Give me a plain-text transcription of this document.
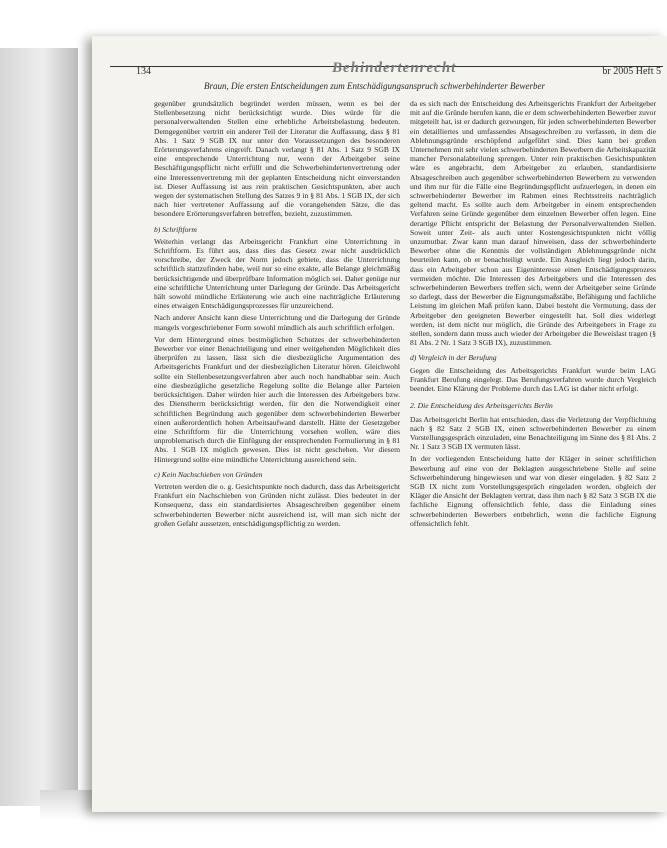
134	Behindertenrecht	br 2005 Heft 5
Braun, Die ersten Entscheidungen zum Entschädigungsanspruch schwerbehinderter Bewerber

gegenüber grundsätzlich begründet werden müssen, wenn es bei der Stellenbesetzung nicht berücksichtigt wurde. Dies würde für die personalverwaltenden Stellen eine erhebliche Arbeitsbelastung bedeuten. Demgegenüber vertritt ein anderer Teil der Literatur die Auffassung, dass § 81 Abs. 1 Satz 9 SGB IX nur unter den Voraussetzungen des besonderen Erörterungsverfahrens eingreift. Danach verlangt § 81 Abs. 1 Satz 9 SGB IX eine entsprechende Unterrichtung nur, wenn der Arbeitgeber seine Beschäftigungspflicht nicht erfüllt und die Schwerbehindertenvertretung oder eine Interessenvertretung mit der geplanten Entscheidung nicht einverstanden ist. Dieser Auffassung ist aus rein praktischen Gesichtspunkten, aber auch wegen der systematischen Stellung des Satzes 9 in § 81 Abs. 1 SGB IX, der sich nach hier vertretener Auffassung auf die vorangehenden Sätze, die das besondere Erörterungsverfahren betreffen, bezieht, zuzustimmen.

b) Schriftform

Weiterhin verlangt das Arbeitsgericht Frankfurt eine Unterrichtung in Schriftform. Es führt aus, dass dies das Gesetz zwar nicht ausdrücklich vorschreibe, der Zweck der Norm jedoch gebiete, dass die Unterrichtung schriftlich stattzufinden habe, weil nur so eine exakte, alle Belange gleichmäßig berücksichtigende und überprüfbare Information möglich sei. Daher genüge nur eine schriftliche Unterrichtung unter Darlegung der Gründe. Das Arbeitsgericht hält sowohl mündliche Erläuterung wie auch eine nachträgliche Erläuterung eines etwaigen Entschädigungsprozesses für unzureichend.

Nach anderer Ansicht kann diese Unterrichtung und die Darlegung der Gründe mangels vorgeschriebener Form sowohl mündlich als auch schriftlich erfolgen.

Vor dem Hintergrund eines bestmöglichen Schutzes der schwerbehinderten Bewerber vor einer Benachteiligung und einer weitgehenden Möglichkeit dies überprüfen zu lassen, lässt sich die diesbezügliche Argumentation des Arbeitsgerichts Frankfurt und der diesbezüglichen Literatur hören. Gleichwohl sollte ein Stellenbesetzungsverfahren aber auch noch handhabbar sein. Auch eine diesbezügliche gesetzliche Regelung sollte die Belange aller Parteien berücksichtigen. Daher würden hier auch die Interessen des Arbeitgebers bzw. des Dienstherrn berücksichtigt werden, für den die Notwendigkeit einer schriftlichen Begründung auch gegenüber dem schwerbehinderten Bewerber einen außerordentlich hohen Arbeitsaufwand darstellt. Hätte der Gesetzgeber eine Schriftform für die Unterrichtung vorsehen wollen, wäre dies unproblematisch durch die Einfügung der entsprechenden Formulierung in § 81 Abs. 1 SGB IX möglich gewesen. Dies ist nicht geschehen. Vor diesem Hintergrund sollte eine mündliche Unterrichtung ausreichend sein.

c) Kein Nachschieben von Gründen

Vertreten werden die o. g. Gesichtspunkte noch dadurch, dass das Arbeitsgericht Frankfurt ein Nachschieben von Gründen nicht zulässt. Dies bedeutet in der Konsequenz, dass ein standardisiertes Absageschreiben gegenüber einem schwerbehinderten Bewerber nicht ausreichend ist, will man sich nicht der großen Gefahr aussetzen, entschädigungspflichtig zu werden.

da es sich nach der Entscheidung des Arbeitsgerichts Frankfurt der Arbeitgeber mit auf die Gründe berufen kann, die er dem schwerbehinderten Bewerber zuvor mitgeteilt hat, ist er dadurch gezwungen, für jeden schwerbehinderten Bewerber ein detailliertes und umfassendes Absageschreiben zu verfassen, in dem die Ablehnungsgründe erschöpfend aufgeführt sind. Dies kann bei großen Unternehmen mit sehr vielen schwerbehinderten Bewerbern die Arbeitskapazität mancher Personalabteilung sprengen. Unter rein praktischen Gesichtspunkten wäre es angebracht, dem Arbeitgeber zu erlauben, standardisierte Absageschreiben auch gegenüber schwerbehinderten Bewerbern zu verwenden und ihm nur für die Fälle eine Begründungspflicht aufzuerlegen, in denen ein schwerbehinderter Bewerber im Rahmen eines Rechtsstreits nachträglich geltend macht. Es sollte auch dem Arbeitgeber in einem entsprechenden Verfahren seine Gründe gegenüber dem einzelnen Bewerber offen legen. Eine derartige Pflicht entspricht der Belastung der Personalverwaltenden Stellen. Soweit unter Zeit- als auch unter Kostengesichtspunkten nicht völlig unzumutbar. Zwar kann man darauf hinweisen, dass der schwerbehinderte Bewerber ohne die Kenntnis der vollständigen Ablehnungsgründe nicht beurteilen kann, ob er benachteiligt wurde. Ein Ausgleich liegt jedoch darin, dass ein Arbeitgeber schon aus Eigeninteresse einen Entschädigungsprozess vermeiden möchte. Die Interessen des Arbeitgebers und die Interessen des schwerbehinderten Bewerbers treffen sich, wenn der Arbeitgeber seine Gründe so darlegt, dass der Bewerber die Eignungsmaßstäbe, Befähigung und fachliche Leistung im gleichen Maß prüfen kann. Dabei besteht die Vermutung, dass der Arbeitgeber den geeigneten Bewerber eingestellt hat. Soll dies widerlegt werden, ist dem nicht nur möglich, die Gründe des Arbeitgebers in Frage zu stellen, sondern dann muss auch wieder der Arbeitgeber die Beweislast tragen (§ 81 Abs. 2 Nr. 1 Satz 3 SGB IX), zuzustimmen.

d) Vergleich in der Berufung

Gegen die Entscheidung des Arbeitsgerichts Frankfurt wurde beim LAG Frankfurt Berufung eingelegt. Das Berufungsverfahren wurde durch Vergleich beendet. Eine Klärung der Probleme durch das LAG ist daher nicht erfolgt.

2. Die Entscheidung des Arbeitsgerichts Berlin

Das Arbeitsgericht Berlin hat entschieden, dass die Verletzung der Verpflichtung nach § 82 Satz 2 SGB IX, einen schwerbehinderten Bewerber zu einem Vorstellungsgespräch einzuladen, eine Benachteiligung im Sinne des § 81 Abs. 2 Nr. 1 Satz 3 SGB IX vermuten lässt.

In der vorliegenden Entscheidung hatte der Kläger in seiner schriftlichen Bewerbung auf eine von der Beklagten ausgeschriebene Stelle auf seine Schwerbehinderung hingewiesen und war von dieser eingeladen. § 82 Satz 2 SGB IX nicht zum Vorstellungsgespräch eingeladen worden, obgleich der Kläger die Ansicht der Beklagten vertrat, dass ihm nach § 82 Satz 3 SGB IX die fachliche Eignung offensichtlich fehle, dass die Einladung eines schwerbehinderten Bewerbers entbehrlich, wenn die fachliche Eignung offensichtlich fehlt.
